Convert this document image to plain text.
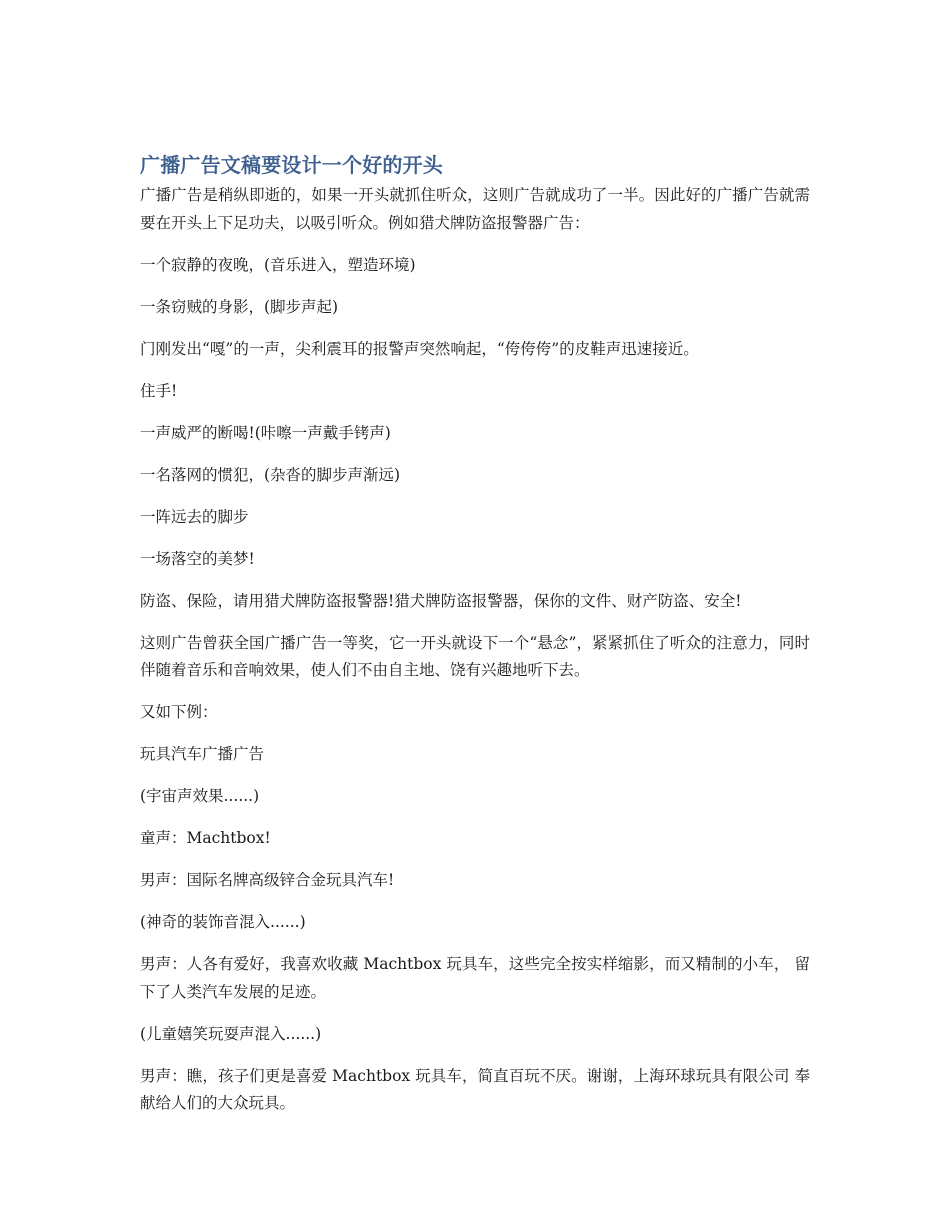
广播广告文稿要设计一个好的开头

广播广告是稍纵即逝的，如果一开头就抓住听众，这则广告就成功了一半。因此好的广播广告就需要在开头上下足功夫，以吸引听众。例如猎犬牌防盗报警器广告：

一个寂静的夜晚，(音乐进入，塑造环境)

一条窃贼的身影，(脚步声起)

门刚发出“嘎”的一声，尖利震耳的报警声突然响起，“侉侉侉”的皮鞋声迅速接近。

住手!

一声威严的断喝!(咔嚓一声戴手铐声)

一名落网的惯犯，(杂沓的脚步声渐远)

一阵远去的脚步

一场落空的美梦!

防盗、保险，请用猎犬牌防盗报警器!猎犬牌防盗报警器，保你的文件、财产防盗、安全!

这则广告曾获全国广播广告一等奖，它一开头就设下一个“悬念”，紧紧抓住了听众的注意力，同时伴随着音乐和音响效果，使人们不由自主地、饶有兴趣地听下去。

又如下例：

玩具汽车广播广告

(宇宙声效果......)

童声：Machtbox!

男声：国际名牌高级锌合金玩具汽车!

(神奇的装饰音混入......)

男声：人各有爱好，我喜欢收藏 Machtbox 玩具车，这些完全按实样缩影，而又精制的小车， 留下了人类汽车发展的足迹。

(儿童嬉笑玩耍声混入......)

男声：瞧，孩子们更是喜爱 Machtbox 玩具车，简直百玩不厌。谢谢，上海环球玩具有限公司 奉献给人们的大众玩具。
